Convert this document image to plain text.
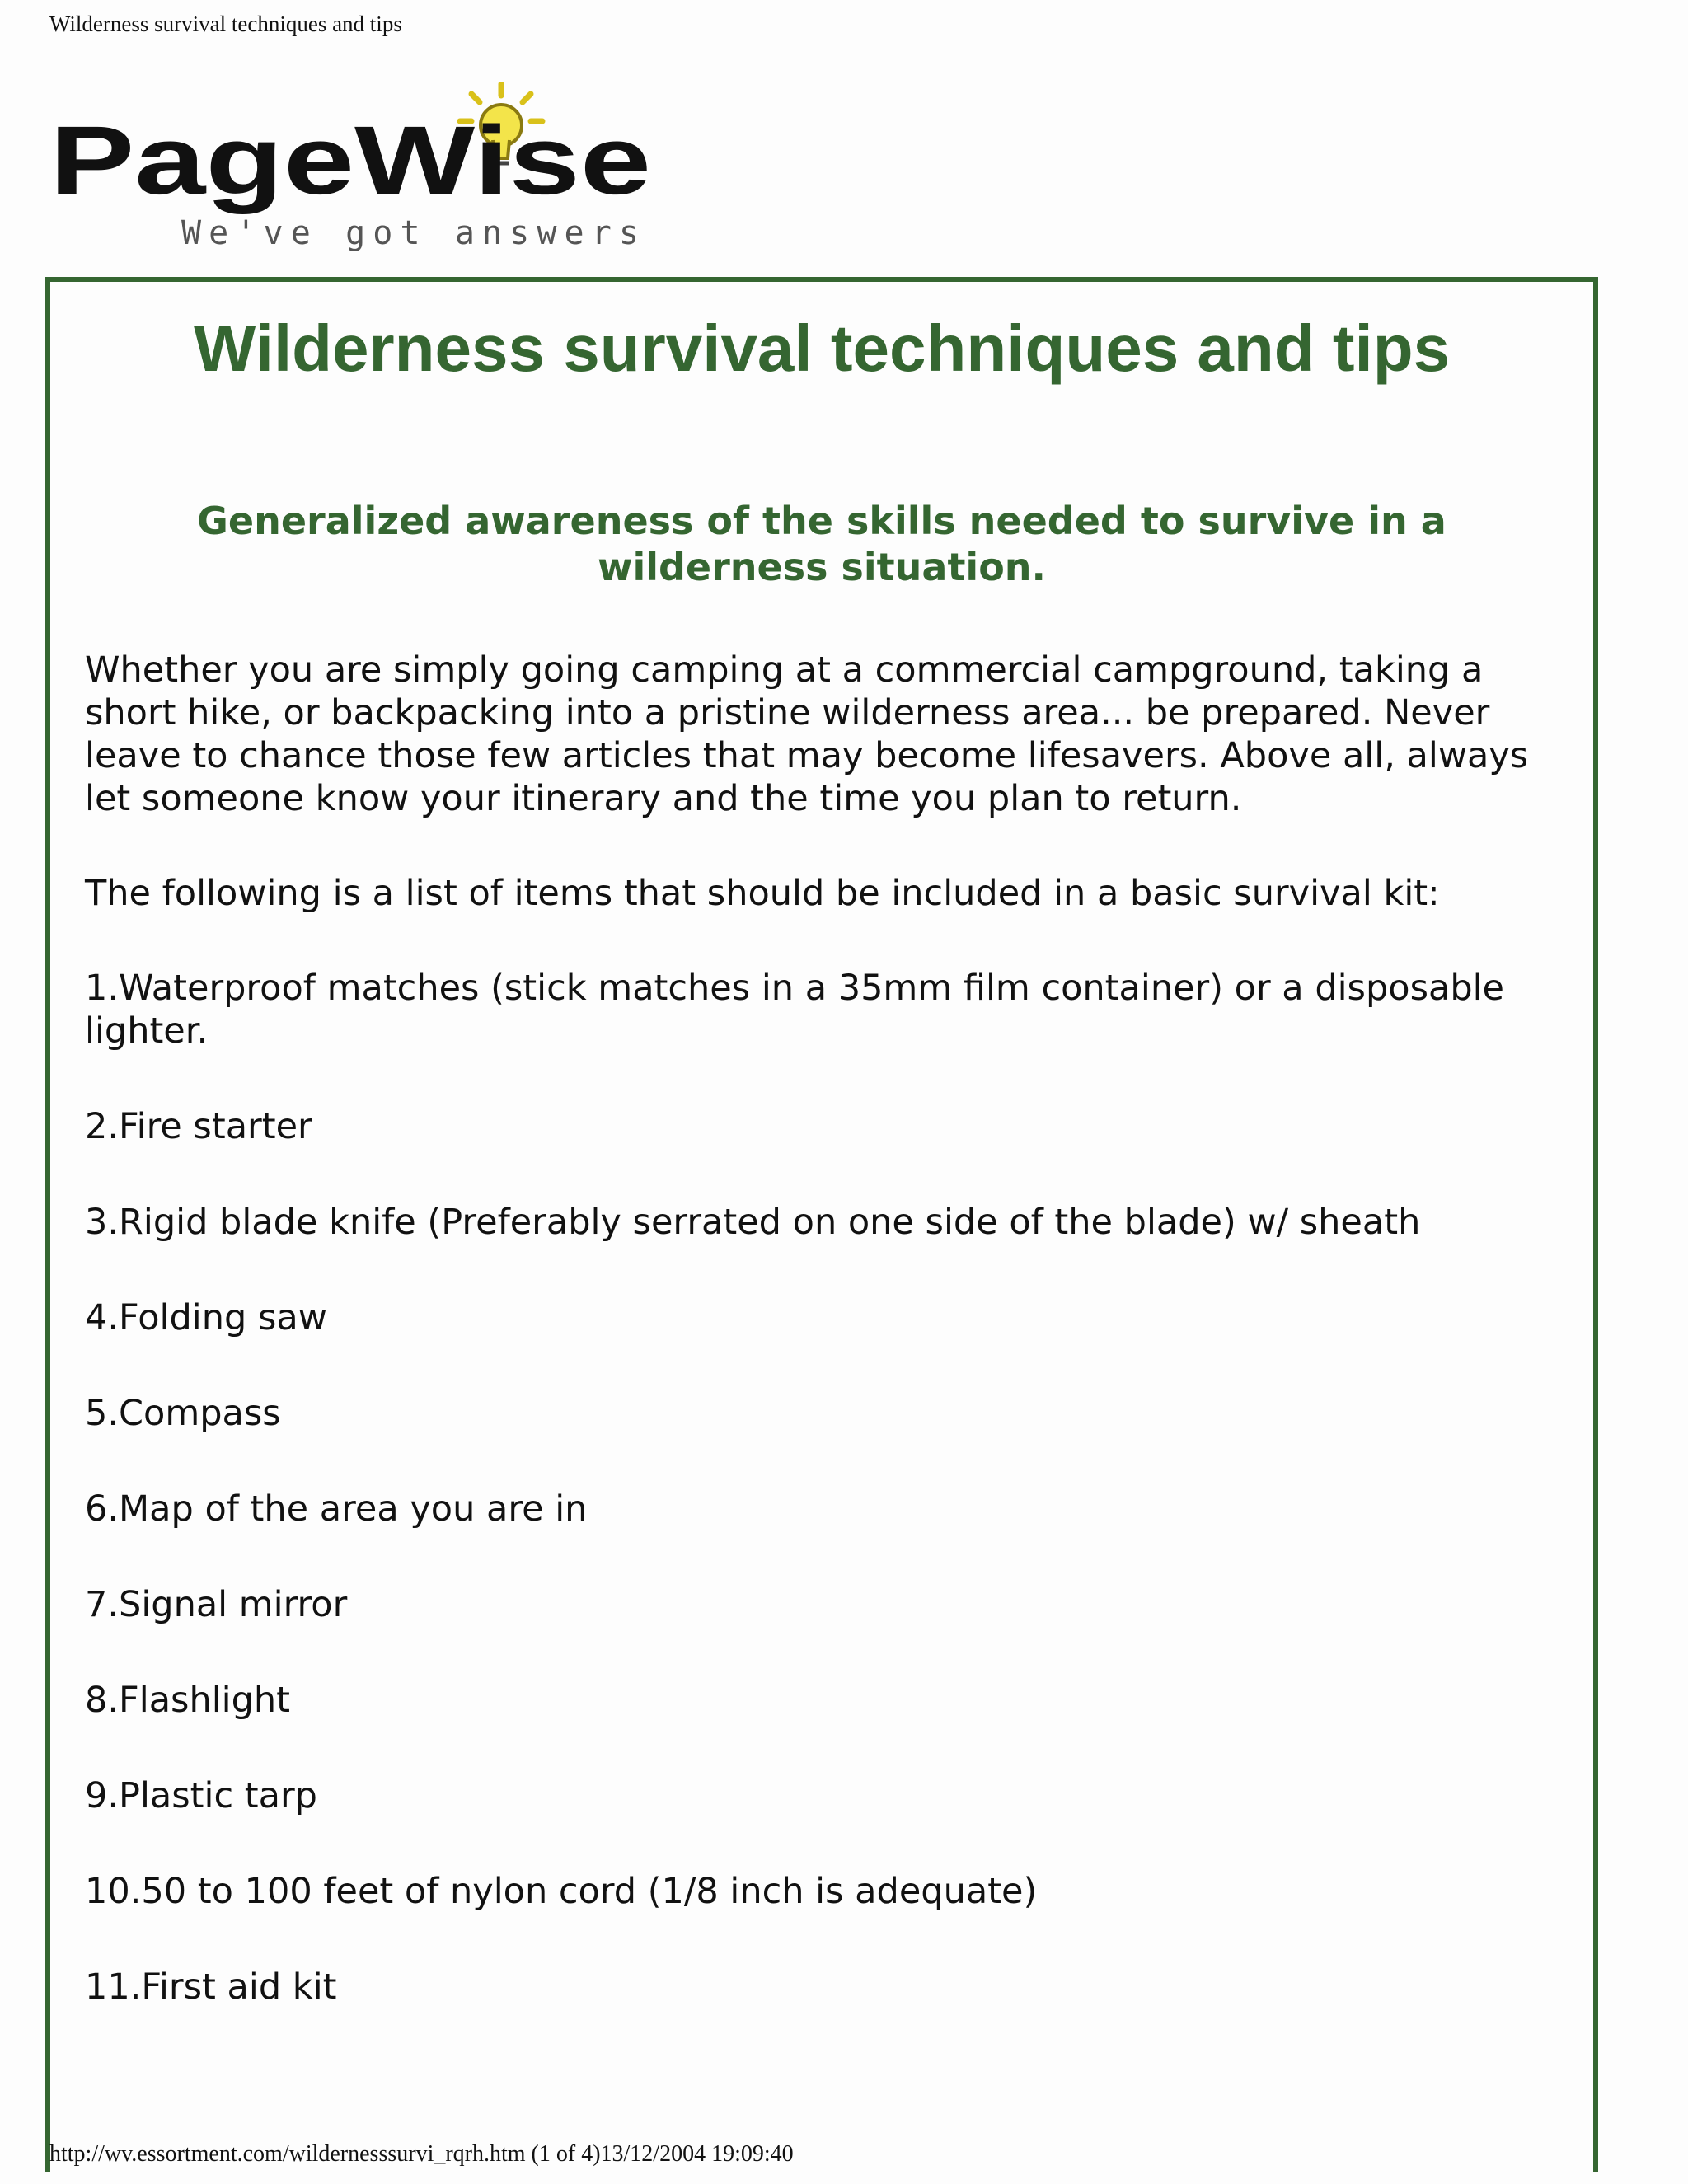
Wilderness survival techniques and tips
PageWise
We've got answers
Wilderness survival techniques and tips
Generalized awareness of the skills needed to survive in a wilderness situation.

Whether you are simply going camping at a commercial campground, taking a short hike, or backpacking into a pristine wilderness area... be prepared. Never leave to chance those few articles that may become lifesavers. Above all, always let someone know your itinerary and the time you plan to return.

The following is a list of items that should be included in a basic survival kit:

1.Waterproof matches (stick matches in a 35mm film container) or a disposable lighter.
2.Fire starter
3.Rigid blade knife (Preferably serrated on one side of the blade) w/ sheath
4.Folding saw
5.Compass
6.Map of the area you are in
7.Signal mirror
8.Flashlight
9.Plastic tarp
10.50 to 100 feet of nylon cord (1/8 inch is adequate)
11.First aid kit
http://wv.essortment.com/wildernesssurvi_rqrh.htm (1 of 4)13/12/2004 19:09:40
